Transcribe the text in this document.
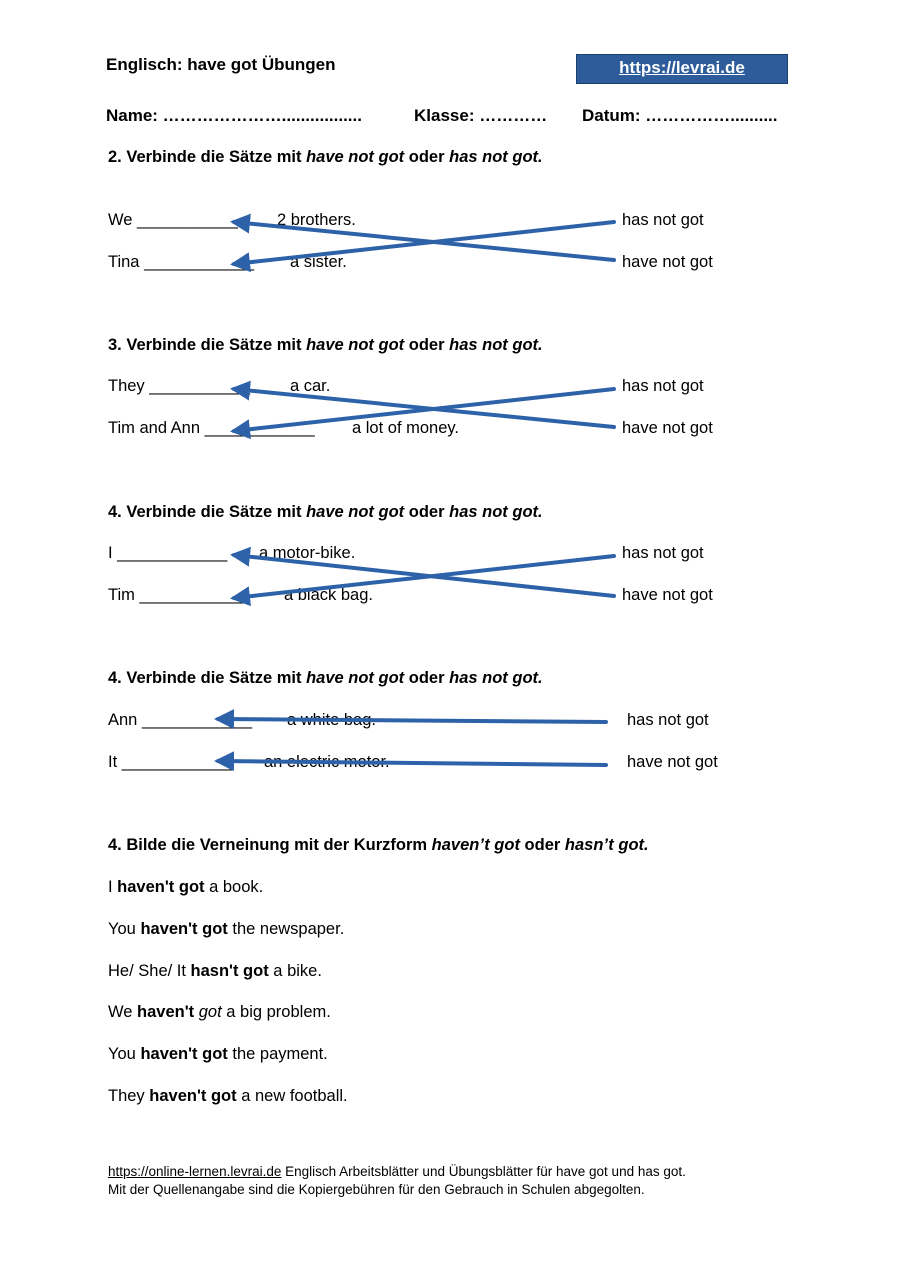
Englisch: have got Übungen	https://levrai.de
Name: ………………….................	Klasse: ………… Datum: ……………..........
2. Verbinde die Sätze mit have not got oder has not got.
We ___________ 2 brothers.
Tina ____________ a sister.
has not got
have not got
3. Verbinde die Sätze mit have not got oder has not got.
They ___________ a car.
Tim and Ann ____________ a lot of money.
has not got
have not got
4. Verbinde die Sätze mit have not got oder has not got.
I ____________ a motor-bike.
Tim ____________ a black bag.
has not got
have not got
4. Verbinde die Sätze mit have not got oder has not got.
Ann ____________ a white bag.
It ____________ an electric motor.
has not got
have not got
4. Bilde die Verneinung mit der Kurzform haven’t got oder hasn’t got.
I haven't got a book.
You haven't got the newspaper.
He/ She/ It hasn't got a bike.
We haven't got a big problem.
You haven't got the payment.
They haven't got a new football.
https://online-lernen.levrai.de Englisch Arbeitsblätter und Übungsblätter für have got und has got.
Mit der Quellenangabe sind die Kopiergebühren für den Gebrauch in Schulen abgegolten.
